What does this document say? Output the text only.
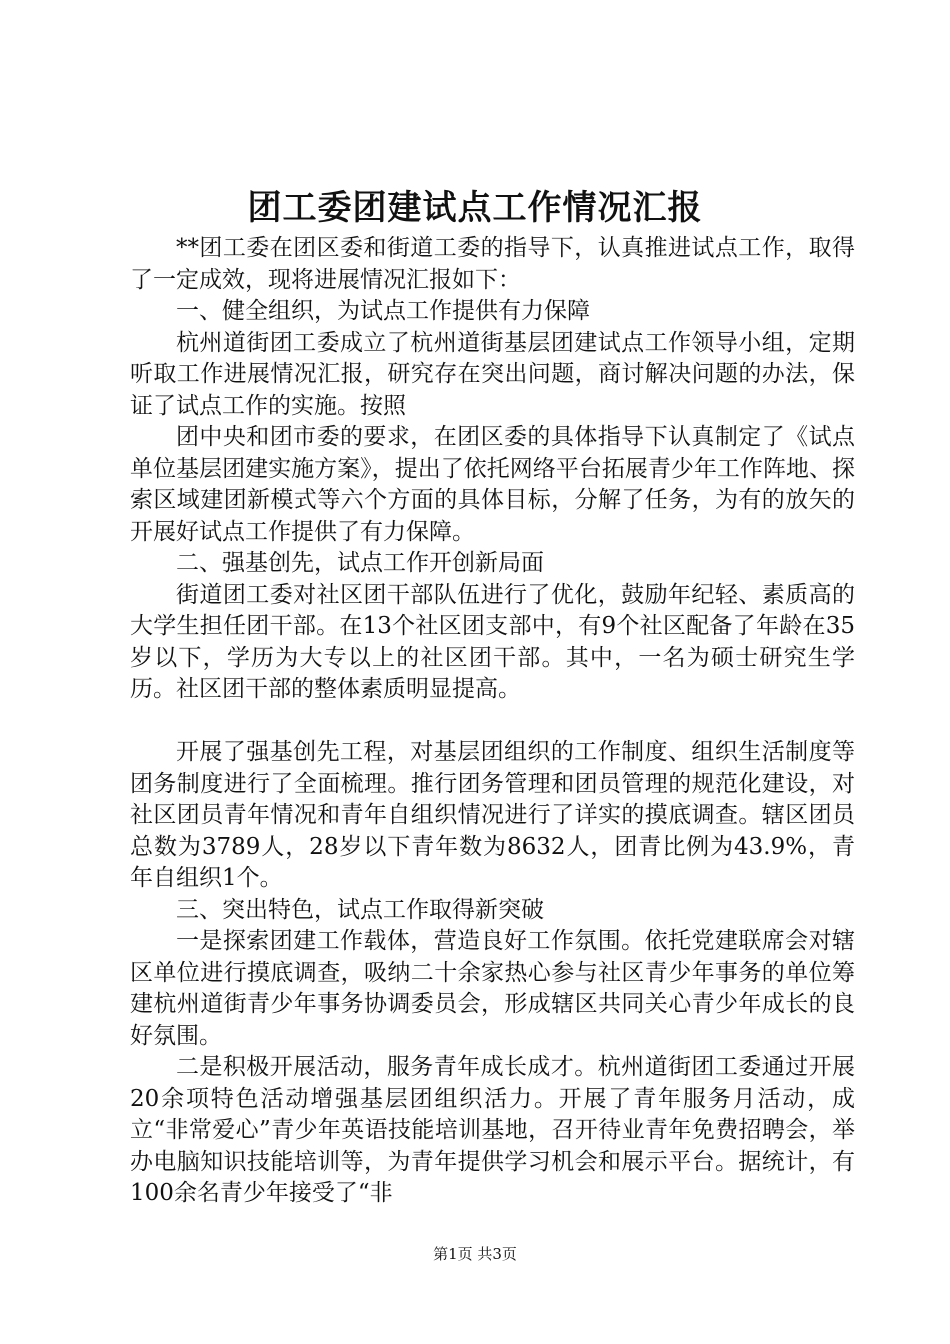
团工委团建试点工作情况汇报

**团工委在团区委和街道工委的指导下，认真推进试点工作，取得了一定成效，现将进展情况汇报如下：

一、健全组织，为试点工作提供有力保障

杭州道街团工委成立了杭州道街基层团建试点工作领导小组，定期听取工作进展情况汇报，研究存在突出问题，商讨解决问题的办法，保证了试点工作的实施。按照

团中央和团市委的要求，在团区委的具体指导下认真制定了《试点单位基层团建实施方案》，提出了依托网络平台拓展青少年工作阵地、探索区域建团新模式等六个方面的具体目标，分解了任务，为有的放矢的开展好试点工作提供了有力保障。

二、强基创先，试点工作开创新局面

街道团工委对社区团干部队伍进行了优化，鼓励年纪轻、素质高的大学生担任团干部。在13个社区团支部中，有9个社区配备了年龄在35岁以下，学历为大专以上的社区团干部。其中，一名为硕士研究生学历。社区团干部的整体素质明显提高。

开展了强基创先工程，对基层团组织的工作制度、组织生活制度等团务制度进行了全面梳理。推行团务管理和团员管理的规范化建设，对社区团员青年情况和青年自组织情况进行了详实的摸底调查。辖区团员总数为3789人，28岁以下青年数为8632人，团青比例为43.9%，青年自组织1个。

三、突出特色，试点工作取得新突破

一是探索团建工作载体，营造良好工作氛围。依托党建联席会对辖区单位进行摸底调查，吸纳二十余家热心参与社区青少年事务的单位筹建杭州道街青少年事务协调委员会，形成辖区共同关心青少年成长的良好氛围。

二是积极开展活动，服务青年成长成才。杭州道街团工委通过开展20余项特色活动增强基层团组织活力。开展了青年服务月活动，成立“非常爱心”青少年英语技能培训基地，召开待业青年免费招聘会，举办电脑知识技能培训等，为青年提供学习机会和展示平台。据统计，有100余名青少年接受了“非

第1页 共3页
